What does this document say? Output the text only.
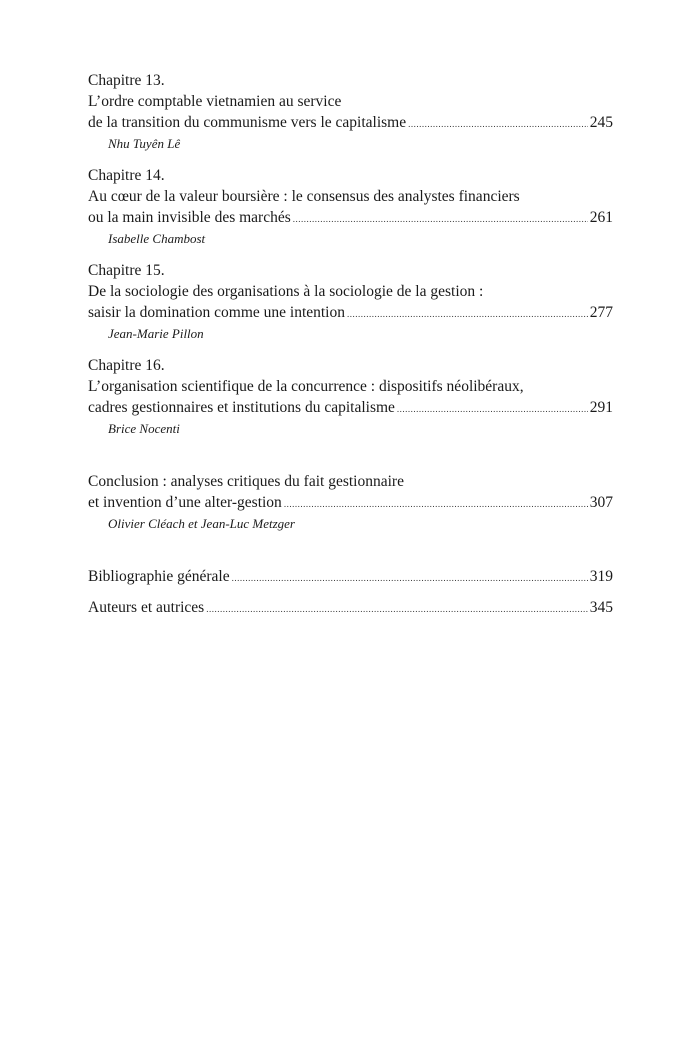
Chapitre 13.
L’ordre comptable vietnamien au service
de la transition du communisme vers le capitalisme .....	245
Nhu Tuyên Lê
Chapitre 14.
Au cœur de la valeur boursière : le consensus des analystes financiers
ou la main invisible des marchés .....	261
Isabelle Chambost
Chapitre 15.
De la sociologie des organisations à la sociologie de la gestion :
saisir la domination comme une intention .....	277
Jean-Marie Pillon
Chapitre 16.
L’organisation scientifique de la concurrence : dispositifs néolibéraux,
cadres gestionnaires et institutions du capitalisme .....	291
Brice Nocenti
Conclusion : analyses critiques du fait gestionnaire
et invention d’une alter-gestion .....	307
Olivier Cléach et Jean-Luc Metzger
Bibliographie générale .....	319
Auteurs et autrices .....	345
